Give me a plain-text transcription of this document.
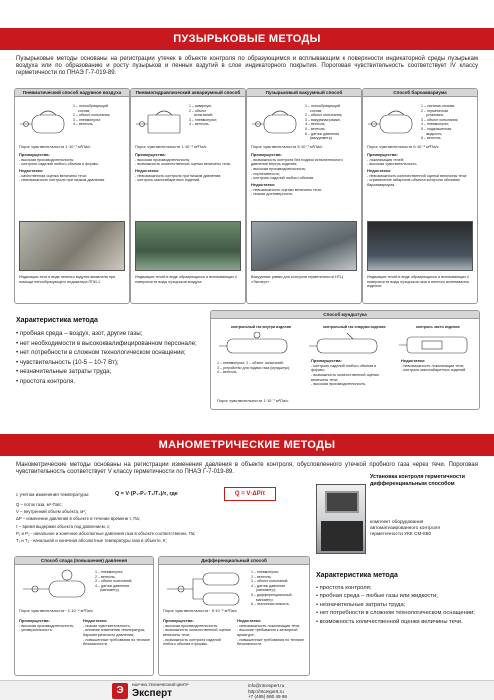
ПУЗЫРЬКОВЫЕ МЕТОДЫ
Пузырьковые методы основаны на регистрации утечек в объекте контроля по образующимся и всплывающим к поверхности индикаторной среды пузырькам воздуха или по образованию и росту пузырьков и пенных вздутий в слое индикаторного покрытия. Пороговая чувствительность соответствует IV классу герметичности по ПНАЭ Г-7-019-89.
Пневматический способ надувное воздуха
1 – пенообразующий
состав;
2 – объект испытания;
3 – пневмопульт;
4 – вентиль.
Порог чувствительности 1·10⁻⁷ м³Па/с
Преимущества:
- высокая производительность;
- контроль изделий любого объема и формы.
Недостатки:
- качественная оценка величины течи;
- невозможность контроля при низком давлении.
Индикация течи в виде пенного вздутия выявлена при помощи пенообразующего индикатора ППИ-1
Пневмогидравлический аквариумный способ
1 – аквариум;
2 – объект
испытаний;
3 – пневмопульт;
4 – вентиль.
Порог чувствительности 1·10⁻⁶ м³Па/с
Преимущества:
- высокая производительность;
- возможность количественной оценки величины течи.
Недостатки:
- невозможность контроля при низком давлении;
- контроль малогабаритных изделий.
Индикация течей в виде образующихся и всплывающих к поверхности воды пузырьков воздуха
Пузырьковый вакуумный способ
1 – пенообразующий
состав;
2 – объект испытания;
3 – вакуумная рамка;
4 – вентиль;
5 – вентиль;
6 – датчик давления
(вакуумметр).
Порог чувствительности 5·10⁻⁷ м³Па/с
Преимущества:
- возможность контроля без подачи испытательного давления внутрь изделия;
- высокая производительность;
- портативность;
- контроль изделий любого объема.
Недостатки:
- невозможность оценки величины течи;
- низкая достоверность.
Вакуумные рамки для контроля герметичности НТЦ «Эксперт»
Способ бароаквариума
1 – система откачки;
2 – герметичная
установка;
3 – объект испытания;
4 – пневмопульт;
5 – подкрашенная
жидкость;
6 – вентиль.
Порог чувствительности 6·10⁻⁸ м³Па/с
Преимущества:
- локализация течей;
- высокая чувствительность.
Недостатки:
- невозможность количественной оценки величины течи;
- ограничение габаритов объекта контроля объемом бароаквариума.
Индикация течей в виде образующихся и всплывающих к поверхности воды пузырьков газа и пенного вспенивания изделия
Характеристика метода
• пробная среда – воздух, азот, другие газы;
• нет необходимости в высококвалифицированном персонале;
• нет потребности в сложном технологическом оснащении;
• чувствительность (10-5 – 10-7 Вт);
• незначительные затраты труда;
• простота контроля.
Способ мундштука
контрольный газ внутри изделия	контрольный газ снаружи изделия	контроль части изделия
1 – пневмопульт; 2 – объект испытаний;
3 – устройство для подачи газа (мундштук);
4 – вентиль.
Порог чувствительности 1·10⁻⁷ м³Па/с
Преимущества:
- контроль изделий любого объема и формы;
- возможность количественной оценки величины течи;
- высокая производительность.
Недостатки:
- невозможность локализации течи;
- контроль малогабаритных изделий.
МАНОМЕТРИЧЕСКИЕ МЕТОДЫ
Манометрические методы основаны на регистрации изменения давления в объекте контроля, обусловленного утечкой пробного газа через течи. Пороговая чувствительность соответствует V классу герметичности по ПНАЭ Г-7-019-89.
с учетом изменения температуры:	Q = V·(P₁-P₂·T₁/T₂)/τ, где	Q = V·ΔP/τ
Q – поток газа, м³·Па/с;
V – внутренний объем объекта, м³;
ΔP – изменение давления в объекте в течение времени τ, Па;
τ – время выдержки объекта под давлением, с;
P₁ и P₂ - начальное и конечное абсолютные давления газа в объекте соответственно, Па;
T₁ и T₂ - начальная и конечная абсолютные температуры газа в объекте, К;
Установка контроля герметичности дифференциальным способом
комплект оборудования автоматизированного контроля герметичности УКК СМ-850
Способ спада (повышения) давления
1 – пневмопульт;
2 – вентиль;
3 – объект испытаний;
4 – датчик давления
(манометр).
Порог чувствительности~ 1·10⁻⁴ м³Па/с
Преимущества:
- высокая производительность;
- универсальность.
Недостатки:
- низкая чувствительность;
- влияние изменения температуры, барометрического давления;
- повышенные требования по технике безопасности.
Дифференциальный способ
1 – пневмопульт;
2 – вентиль;
3 – объект испытаний;
4 – датчик давления
(манометр);
5 – дифференциальный
манометр;
6 – эталонная емкость.
Порог чувствительности~ 5·10⁻⁵ м³Па/с
Преимущества:
- высокая производительность;
- возможность количественной оценки величины течи;
- возможность контроля изделий любого объема и формы.
Недостатки:
- невозможность локализации течи;
- высокие требования к затворной арматуре;
- повышенные требования по технике безопасности.
Характеристика метода
• простота контроля;
• пробная среда – любые газы или жидкости;
• незначительные затраты труда;
• нет потребности в сложном технологическом оснащении;
• возможность количественной оценки величины течи.
Э	НАУЧНО-ТЕХНИЧЕСКИЙ ЦЕНТР
Эксперт
info@ntcexpert.ru
http://ntcexpert.ru
+7 (495) 660 49 68
